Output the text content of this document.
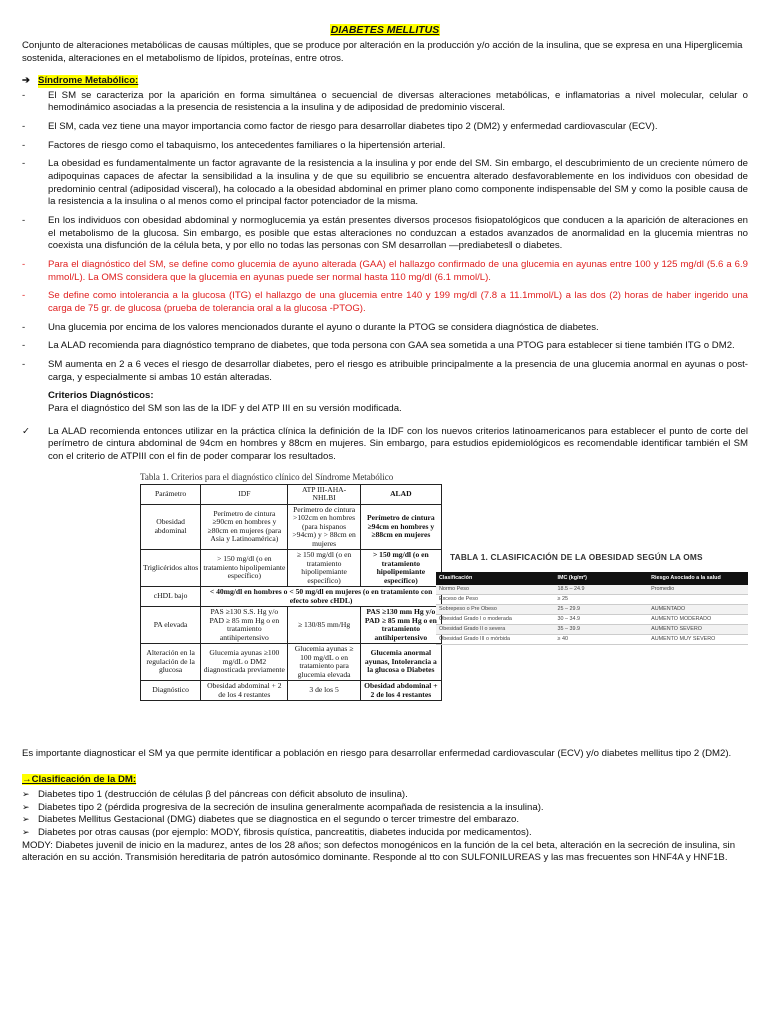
DIABETES MELLITUS

Conjunto de alteraciones metabólicas de causas múltiples, que se produce por alteración en la producción y/o acción de la insulina, que se expresa en una Hiperglicemia sostenida, alteraciones en el metabolismo de lípidos, proteínas, entre otros.

➔ Síndrome Metabólico:
- El SM se caracteriza por la aparición en forma simultánea o secuencial de diversas alteraciones metabólicas, e inflamatorias a nivel molecular, celular o hemodinámico asociadas a la presencia de resistencia a la insulina y de adiposidad de predominio visceral.
- El SM, cada vez tiene una mayor importancia como factor de riesgo para desarrollar diabetes tipo 2 (DM2) y enfermedad cardiovascular (ECV).
- Factores de riesgo como el tabaquismo, los antecedentes familiares o la hipertensión arterial.
- La obesidad es fundamentalmente un factor agravante de la resistencia a la insulina y por ende del SM. Sin embargo, el descubrimiento de un creciente número de adipoquinas capaces de afectar la sensibilidad a la insulina y de que su equilibrio se encuentra alterado desfavorablemente en los individuos con obesidad de predominio central (adiposidad visceral), ha colocado a la obesidad abdominal en primer plano como componente indispensable del SM y como la posible causa de la resistencia a la insulina o al menos como el principal factor potenciador de la misma.
- En los individuos con obesidad abdominal y normoglucemia ya están presentes diversos procesos fisiopatológicos que conducen a la aparición de alteraciones en el metabolismo de la glucosa. Sin embargo, es posible que estas alteraciones no conduzcan a estados avanzados de anormalidad en la glucemia mientras no coexista una disfunción de la célula beta, y por ello no todas las personas con SM desarrollan —prediabetes‖ o diabetes.
- Para el diagnóstico del SM, se define como glucemia de ayuno alterada (GAA) el hallazgo confirmado de una glucemia en ayunas entre 100 y 125 mg/dl (5.6 a 6.9 mmol/L). La OMS considera que la glucemia en ayunas puede ser normal hasta 110 mg/dl (6.1 mmol/L).
- Se define como intolerancia a la glucosa (ITG) el hallazgo de una glucemia entre 140 y 199 mg/dl (7.8 a 11.1mmol/L) a las dos (2) horas de haber ingerido una carga de 75 gr. de glucosa (prueba de tolerancia oral a la glucosa -PTOG).
- Una glucemia por encima de los valores mencionados durante el ayuno o durante la PTOG se considera diagnóstica de diabetes.
- La ALAD recomienda para diagnóstico temprano de diabetes, que toda persona con GAA sea sometida a una PTOG para establecer si tiene también ITG o DM2.
- SM aumenta en 2 a 6 veces el riesgo de desarrollar diabetes, pero el riesgo es atribuible principalmente a la presencia de una glucemia anormal en ayunas o post-carga, y especialmente si ambas 10 están alteradas.
Criterios Diagnósticos:

Para el diagnóstico del SM son las de la IDF y del ATP III en su versión modificada.

✓ La ALAD recomienda entonces utilizar en la práctica clínica la definición de la IDF con los nuevos criterios latinoamericanos para establecer el punto de corte del perímetro de cintura abdominal de 94cm en hombres y 88cm en mujeres. Sin embargo, para estudios epidemiológicos es recomendable identificar también el SM con el criterio de ATPIII con el fin de poder comparar los resultados.
Tabla 1. Criterios para el diagnóstico clínico del Síndrome Metabólico
Parámetro	IDF	ATP III-AHA-NHLBI	ALAD
Obesidad abdominal	Perímetro de cintura ≥90cm en hombres y ≥80cm en mujeres (para Asia y Latinoamérica)	Perímetro de cintura >102cm en hombres (para hispanos >94cm) y > 88cm en mujeres	Perímetro de cintura ≥94cm en hombres y ≥88cm en mujeres
Triglicéridos altos	> 150 mg/dl (o en tratamiento hipolipemiante específico)	≥ 150 mg/dl (o en tratamiento hipolipemiante específico)	> 150 mg/dl (o en tratamiento hipolipemiante específico)
cHDL bajo	< 40mg/dl en hombres o < 50 mg/dl en mujeres (o en tratamiento con efecto sobre cHDL)		
PA elevada	PAS ≥130 S.S. Hg y/o PAD ≥ 85 mm Hg o en tratamiento antihipertensivo	≥ 130/85 mm/Hg	PAS ≥130 mm Hg y/o PAD ≥ 85 mm Hg o en tratamiento antihipertensivo
Alteración en la regulación de la glucosa	Glucemia ayunas ≥100 mg/dL o DM2 diagnosticada previamente	Glucemia ayunas ≥ 100 mg/dL o en tratamiento para glucemia elevada	Glucemia anormal ayunas, Intolerancia a la glucosa o Diabetes
Diagnóstico	Obesidad abdominal + 2 de los 4 restantes	3 de los 5	Obesidad abdominal + 2 de los 4 restantes
TABLA 1. CLASIFICACIÓN DE LA OBESIDAD SEGÚN LA OMS
Clasificación	IMC (kg/m²)	Riesgo Asociado a la salud
Normo Peso	18.5 – 24.9	Promedio
Exceso de Peso	≥ 25	
Sobrepeso o Pre Obeso	25 – 29.9	AUMENTADO
Obesidad Grado I o moderada	30 – 34.9	AUMENTO MODERADO
Obesidad Grado II o severa	35 – 39.9	AUMENTO SEVERO
Obesidad Grado III o mórbida	≥ 40	AUMENTO MUY SEVERO

Es importante diagnosticar el SM ya que permite identificar a población en riesgo para desarrollar enfermedad cardiovascular (ECV) y/o diabetes mellitus tipo 2 (DM2).

→Clasificación de la DM:
➢ Diabetes tipo 1 (destrucción de células β del páncreas con déficit absoluto de insulina).
➢ Diabetes tipo 2 (pérdida progresiva de la secreción de insulina generalmente acompañada de resistencia a la insulina).
➢ Diabetes Mellitus Gestacional (DMG) diabetes que se diagnostica en el segundo o tercer trimestre del embarazo.
➢ Diabetes por otras causas (por ejemplo: MODY, fibrosis quística, pancreatitis, diabetes inducida por medicamentos).

MODY: Diabetes juvenil de inicio en la madurez, antes de los 28 años; son defectos monogénicos en la función de la cel beta, alteración en la secreción de insulina, sin alteración en su acción. Transmisión hereditaria de patrón autosómico dominante. Responde al tto con SULFONILUREAS y las mas frecuentes son HNF4A y HNF1B.
